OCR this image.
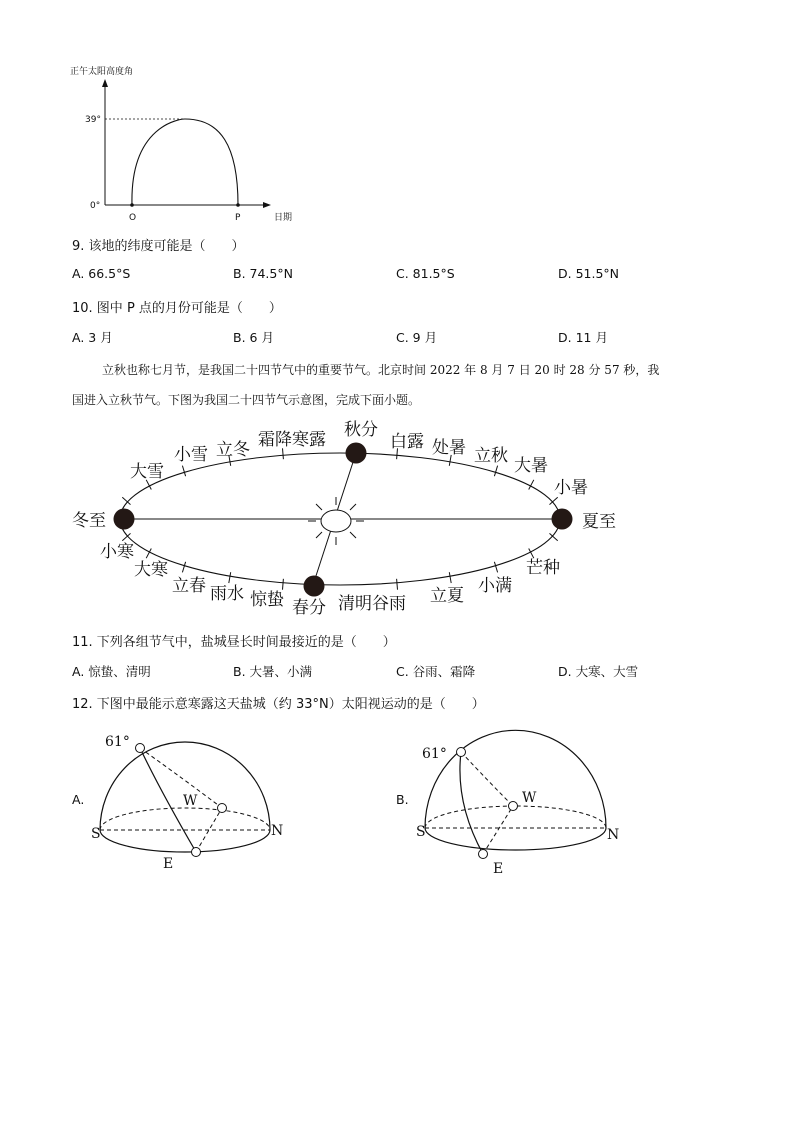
正午太阳高度角
39°
0°
O	P	日期
9. 该地的纬度可能是（　　）
A. 66.5°S	B. 74.5°N	C. 81.5°S	D. 51.5°N
10. 图中 P 点的月份可能是（　　）
A. 3 月	B. 6 月	C. 9 月	D. 11 月
立秋也称七月节，是我国二十四节气中的重要节气。北京时间 2022 年 8 月 7 日 20 时 28 分 57 秒，我
国进入立秋节气。下图为我国二十四节气示意图，完成下面小题。
秋分
霜降寒露
立冬
小雪
大雪
冬至
小寒
大寒
立春 雨水 惊蛰 春分 清明谷雨 立夏 小满
芒种
夏至
小暑
大暑
立秋
处暑
白露
11. 下列各组节气中，盐城昼长时间最接近的是（　　）
A. 惊蛰、清明	B. 大暑、小满	C. 谷雨、霜降	D. 大寒、大雪
12. 下图中最能示意寒露这天盐城（约 33°N）太阳视运动的是（　　）
A.
61°
S	N
E
W	B.
61°
S	N
E
W
